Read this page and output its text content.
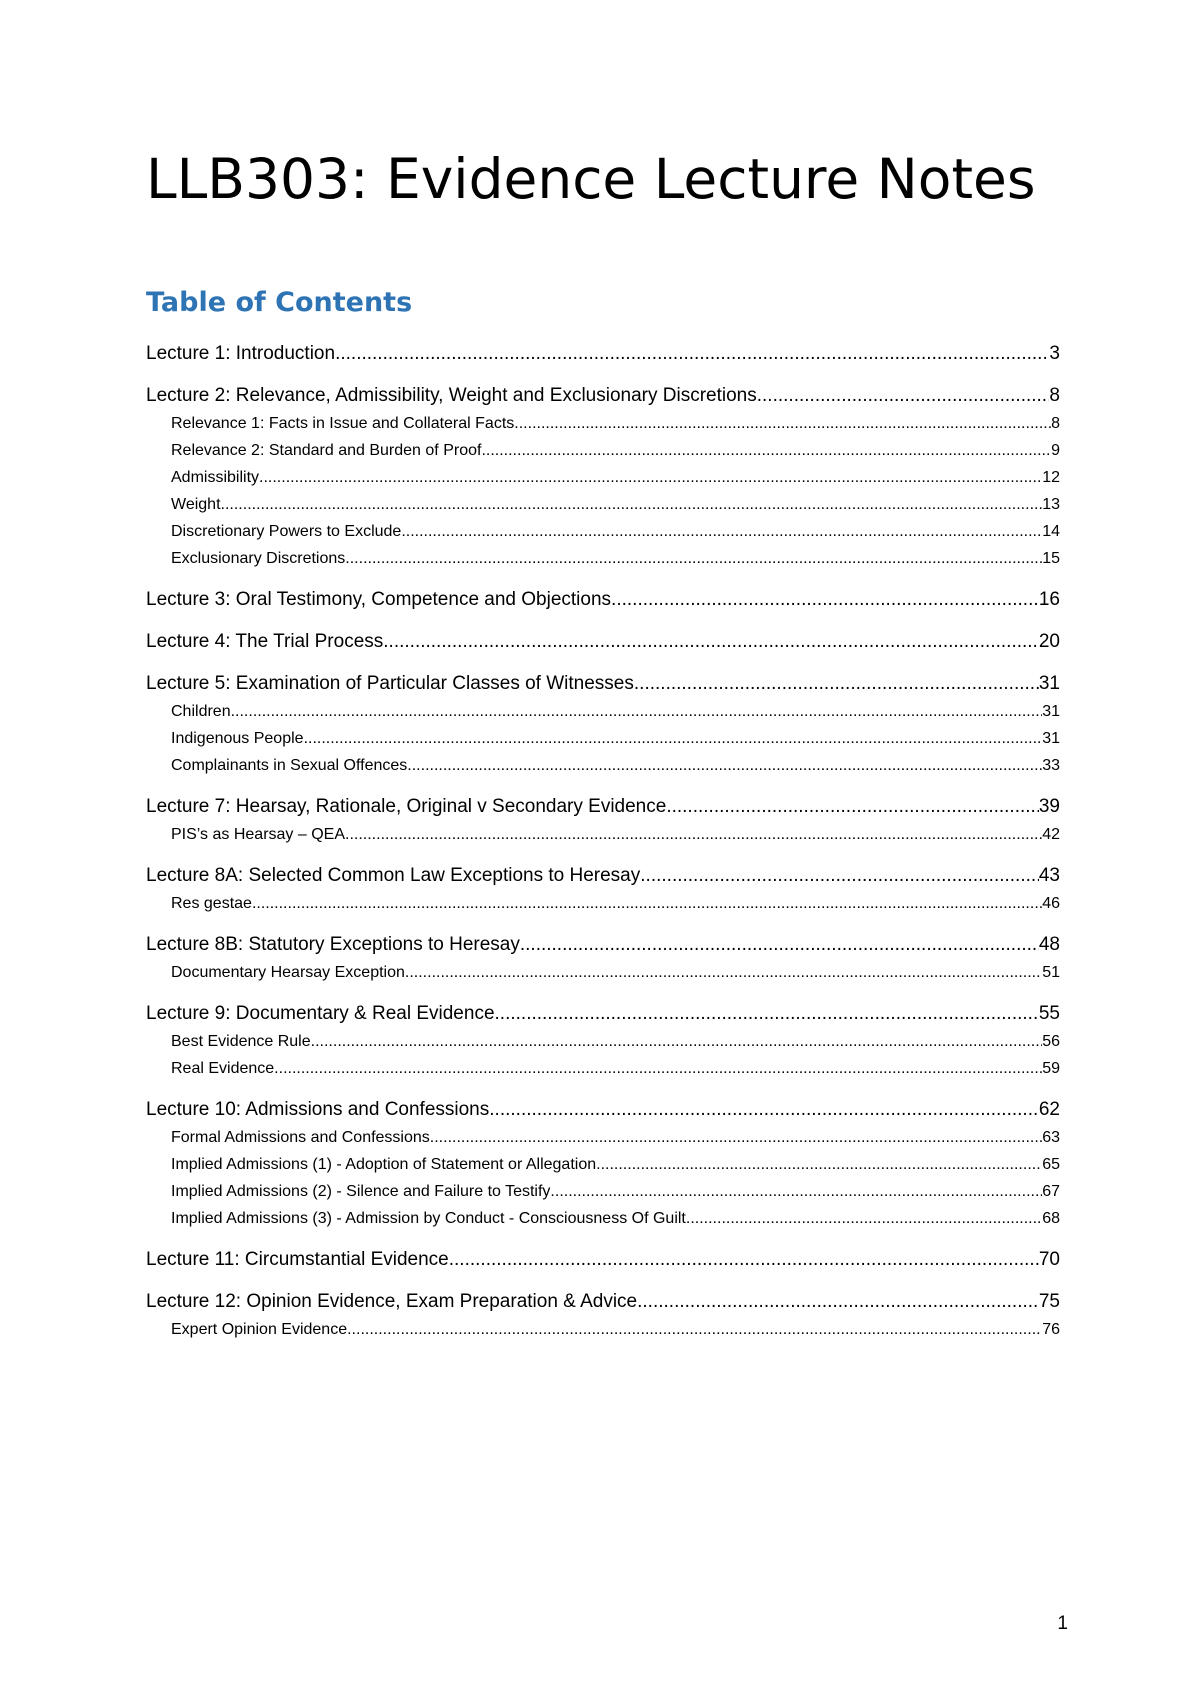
LLB303: Evidence Lecture Notes
Table of Contents
Lecture 1: Introduction .....	3
Lecture 2: Relevance, Admissibility, Weight and Exclusionary Discretions .....	8
Relevance 1: Facts in Issue and Collateral Facts .....	8
Relevance 2: Standard and Burden of Proof .....	9
Admissibility .....	12
Weight .....	13
Discretionary Powers to Exclude .....	14
Exclusionary Discretions .....	15
Lecture 3: Oral Testimony, Competence and Objections .....	16
Lecture 4: The Trial Process .....	20
Lecture 5: Examination of Particular Classes of Witnesses .....	31
Children .....	31
Indigenous People .....	31
Complainants in Sexual Offences .....	33
Lecture 7: Hearsay, Rationale, Original v Secondary Evidence .....	39
PIS’s as Hearsay – QEA .....	42
Lecture 8A: Selected Common Law Exceptions to Heresay .....	43
Res gestae .....	46
Lecture 8B: Statutory Exceptions to Heresay .....	48
Documentary Hearsay Exception .....	51
Lecture 9: Documentary & Real Evidence .....	55
Best Evidence Rule .....	56
Real Evidence .....	59
Lecture 10: Admissions and Confessions .....	62
Formal Admissions and Confessions .....	63
Implied Admissions (1) - Adoption of Statement or Allegation .....	65
Implied Admissions (2) - Silence and Failure to Testify .....	67
Implied Admissions (3) - Admission by Conduct - Consciousness Of Guilt .....	68
Lecture 11: Circumstantial Evidence .....	70
Lecture 12: Opinion Evidence, Exam Preparation & Advice .....	75
Expert Opinion Evidence .....	76
1
